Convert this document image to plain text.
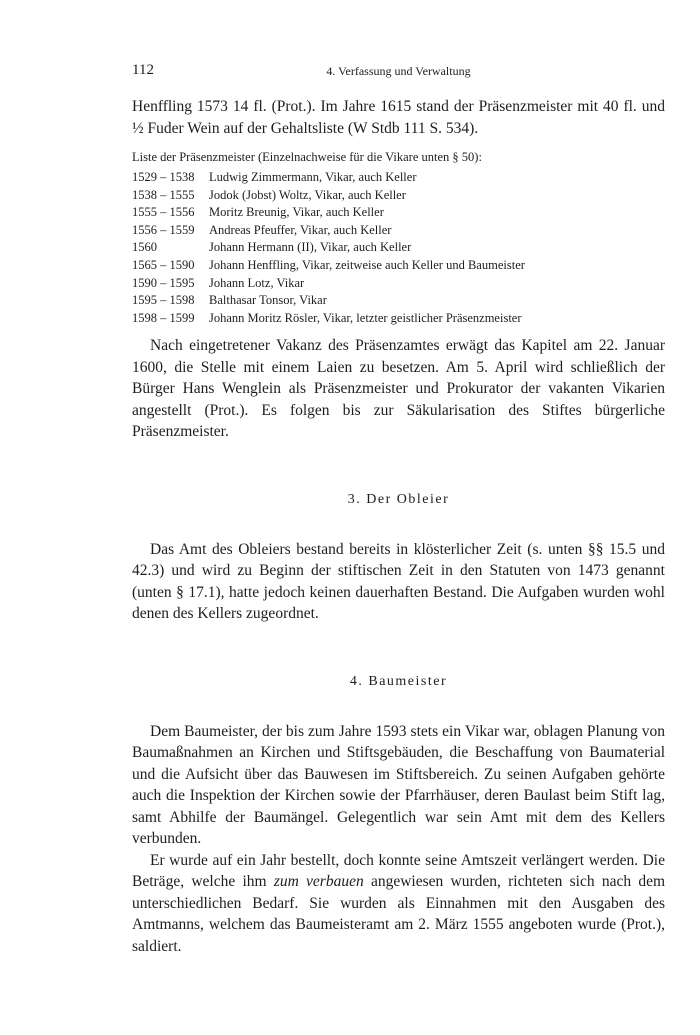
112	4. Verfassung und Verwaltung

Henffling 1573 14 fl. (Prot.). Im Jahre 1615 stand der Präsenzmeister mit 40 fl. und ½ Fuder Wein auf der Gehaltsliste (W Stdb 111 S. 534).

Liste der Präsenzmeister (Einzelnachweise für die Vikare unten § 50):
1529 – 1538	Ludwig Zimmermann, Vikar, auch Keller
1538 – 1555	Jodok (Jobst) Woltz, Vikar, auch Keller
1555 – 1556	Moritz Breunig, Vikar, auch Keller
1556 – 1559	Andreas Pfeuffer, Vikar, auch Keller
1560	Johann Hermann (II), Vikar, auch Keller
1565 – 1590	Johann Henffling, Vikar, zeitweise auch Keller und Baumeister
1590 – 1595	Johann Lotz, Vikar
1595 – 1598	Balthasar Tonsor, Vikar
1598 – 1599	Johann Moritz Rösler, Vikar, letzter geistlicher Präsenzmeister

Nach eingetretener Vakanz des Präsenzamtes erwägt das Kapitel am 22. Januar 1600, die Stelle mit einem Laien zu besetzen. Am 5. April wird schließlich der Bürger Hans Wenglein als Präsenzmeister und Prokurator der vakanten Vikarien angestellt (Prot.). Es folgen bis zur Säkularisation des Stiftes bürgerliche Präsenzmeister.

3. Der Obleier

Das Amt des Obleiers bestand bereits in klösterlicher Zeit (s. unten §§ 15.5 und 42.3) und wird zu Beginn der stiftischen Zeit in den Statuten von 1473 genannt (unten § 17.1), hatte jedoch keinen dauerhaften Bestand. Die Aufgaben wurden wohl denen des Kellers zugeordnet.

4. Baumeister

Dem Baumeister, der bis zum Jahre 1593 stets ein Vikar war, oblagen Planung von Baumaßnahmen an Kirchen und Stiftsgebäuden, die Beschaffung von Baumaterial und die Aufsicht über das Bauwesen im Stiftsbereich. Zu seinen Aufgaben gehörte auch die Inspektion der Kirchen sowie der Pfarrhäuser, deren Baulast beim Stift lag, samt Abhilfe der Baumängel. Gelegentlich war sein Amt mit dem des Kellers verbunden.

Er wurde auf ein Jahr bestellt, doch konnte seine Amtszeit verlängert werden. Die Beträge, welche ihm zum verbauen angewiesen wurden, richteten sich nach dem unterschiedlichen Bedarf. Sie wurden als Einnahmen mit den Ausgaben des Amtmanns, welchem das Baumeisteramt am 2. März 1555 angeboten wurde (Prot.), saldiert.
